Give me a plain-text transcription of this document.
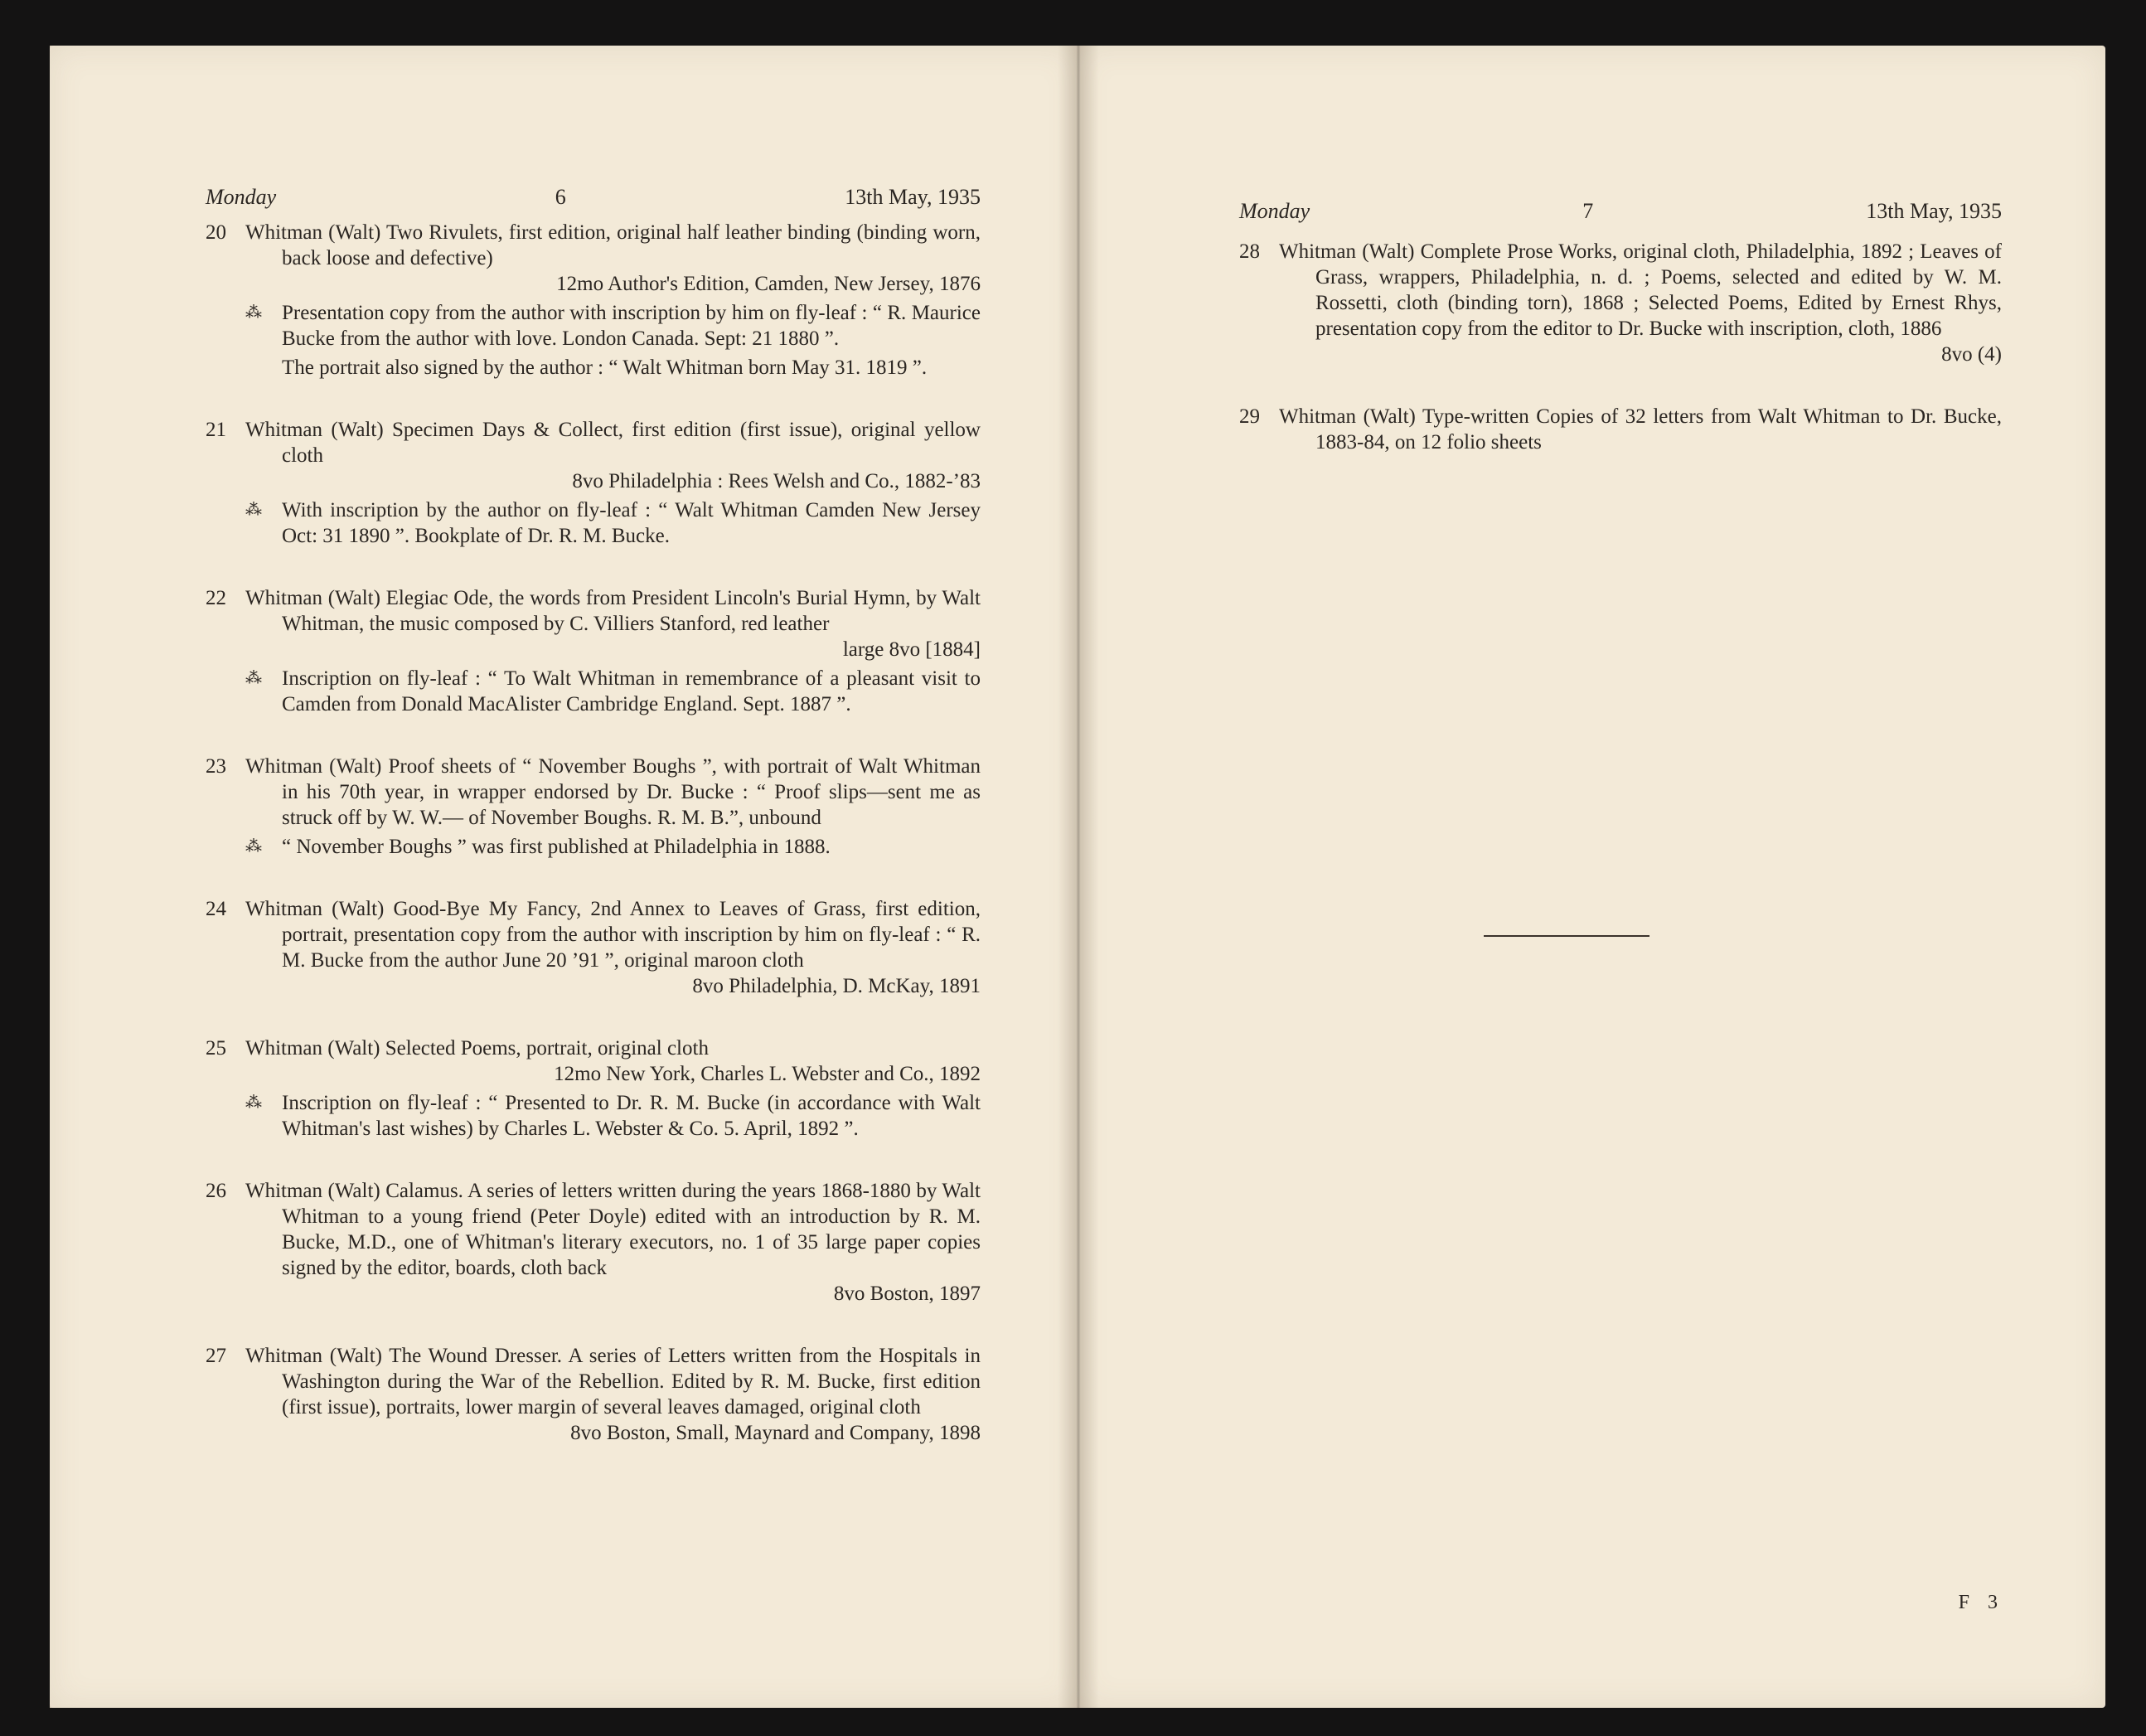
Monday	6	13th May, 1935
20 Whitman (Walt) Two Rivulets, first edition, original half leather binding (binding worn, back loose and defective)
12mo Author's Edition, Camden, New Jersey, 1876
⁂ Presentation copy from the author with inscription by him on fly-leaf : “ R. Maurice Bucke from the author with love. London Canada. Sept: 21 1880 ”.
The portrait also signed by the author : “ Walt Whitman born May 31. 1819 ”.
21 Whitman (Walt) Specimen Days & Collect, first edition (first issue), original yellow cloth
8vo Philadelphia : Rees Welsh and Co., 1882-’83
⁂ With inscription by the author on fly-leaf : “ Walt Whitman Camden New Jersey Oct: 31 1890 ”. Bookplate of Dr. R. M. Bucke.
22 Whitman (Walt) Elegiac Ode, the words from President Lincoln's Burial Hymn, by Walt Whitman, the music composed by C. Villiers Stanford, red leather
large 8vo [1884]
⁂ Inscription on fly-leaf : “ To Walt Whitman in remembrance of a pleasant visit to Camden from Donald MacAlister Cambridge England. Sept. 1887 ”.
23 Whitman (Walt) Proof sheets of “ November Boughs ”, with portrait of Walt Whitman in his 70th year, in wrapper endorsed by Dr. Bucke : “ Proof slips—sent me as struck off by W. W.— of November Boughs. R. M. B.”, unbound
⁂ “ November Boughs ” was first published at Philadelphia in 1888.
24 Whitman (Walt) Good-Bye My Fancy, 2nd Annex to Leaves of Grass, first edition, portrait, presentation copy from the author with inscription by him on fly-leaf : “ R. M. Bucke from the author June 20 ’91 ”, original maroon cloth
8vo Philadelphia, D. McKay, 1891
25 Whitman (Walt) Selected Poems, portrait, original cloth
12mo New York, Charles L. Webster and Co., 1892
⁂ Inscription on fly-leaf : “ Presented to Dr. R. M. Bucke (in accordance with Walt Whitman's last wishes) by Charles L. Webster & Co. 5. April, 1892 ”.
26 Whitman (Walt) Calamus. A series of letters written during the years 1868-1880 by Walt Whitman to a young friend (Peter Doyle) edited with an introduction by R. M. Bucke, M.D., one of Whitman's literary executors, no. 1 of 35 large paper copies signed by the editor, boards, cloth back
8vo Boston, 1897
27 Whitman (Walt) The Wound Dresser. A series of Letters written from the Hospitals in Washington during the War of the Rebellion. Edited by R. M. Bucke, first edition (first issue), portraits, lower margin of several leaves damaged, original cloth
8vo Boston, Small, Maynard and Company, 1898
Monday	7	13th May, 1935
28 Whitman (Walt) Complete Prose Works, original cloth, Philadelphia, 1892 ; Leaves of Grass, wrappers, Philadelphia, n. d. ; Poems, selected and edited by W. M. Rossetti, cloth (binding torn), 1868 ; Selected Poems, Edited by Ernest Rhys, presentation copy from the editor to Dr. Bucke with inscription, cloth, 1886
8vo (4)
29 Whitman (Walt) Type-written Copies of 32 letters from Walt Whitman to Dr. Bucke, 1883-84, on 12 folio sheets
F 3
